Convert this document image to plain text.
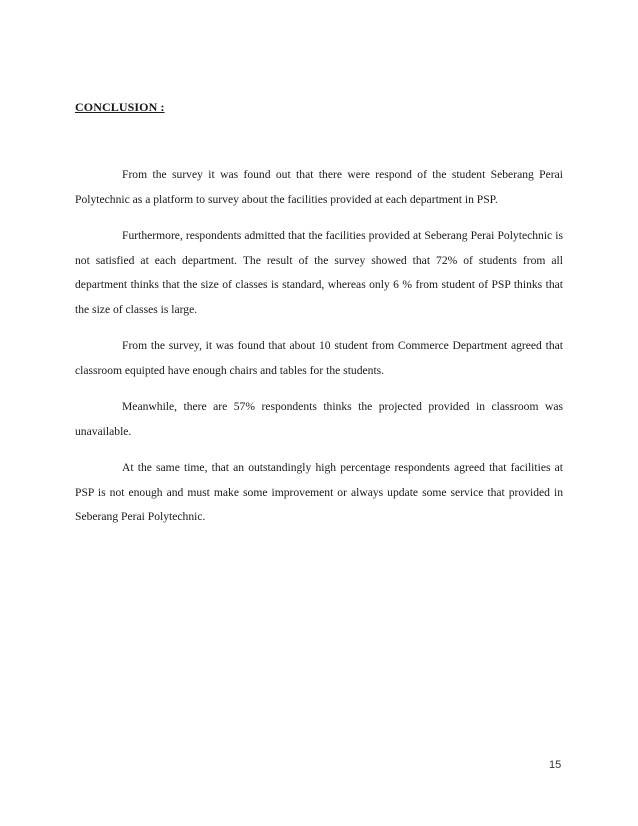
CONCLUSION :

From the survey it was found out that there were respond of the student Seberang Perai Polytechnic as a platform to survey about the facilities provided at each department in PSP.

Furthermore, respondents admitted that the facilities provided at Seberang Perai Polytechnic is not satisfied at each department. The result of the survey showed that 72% of students from all department thinks that the size of classes is standard, whereas only 6 % from student of PSP thinks that the size of classes is large.

From the survey, it was found that about 10 student from Commerce Department agreed that classroom equipted have enough chairs and tables for the students.

Meanwhile, there are 57% respondents thinks the projected provided in classroom was unavailable.

At the same time, that an outstandingly high percentage respondents agreed that facilities at PSP is not enough and must make some improvement or always update some service that provided in Seberang Perai Polytechnic.

15
